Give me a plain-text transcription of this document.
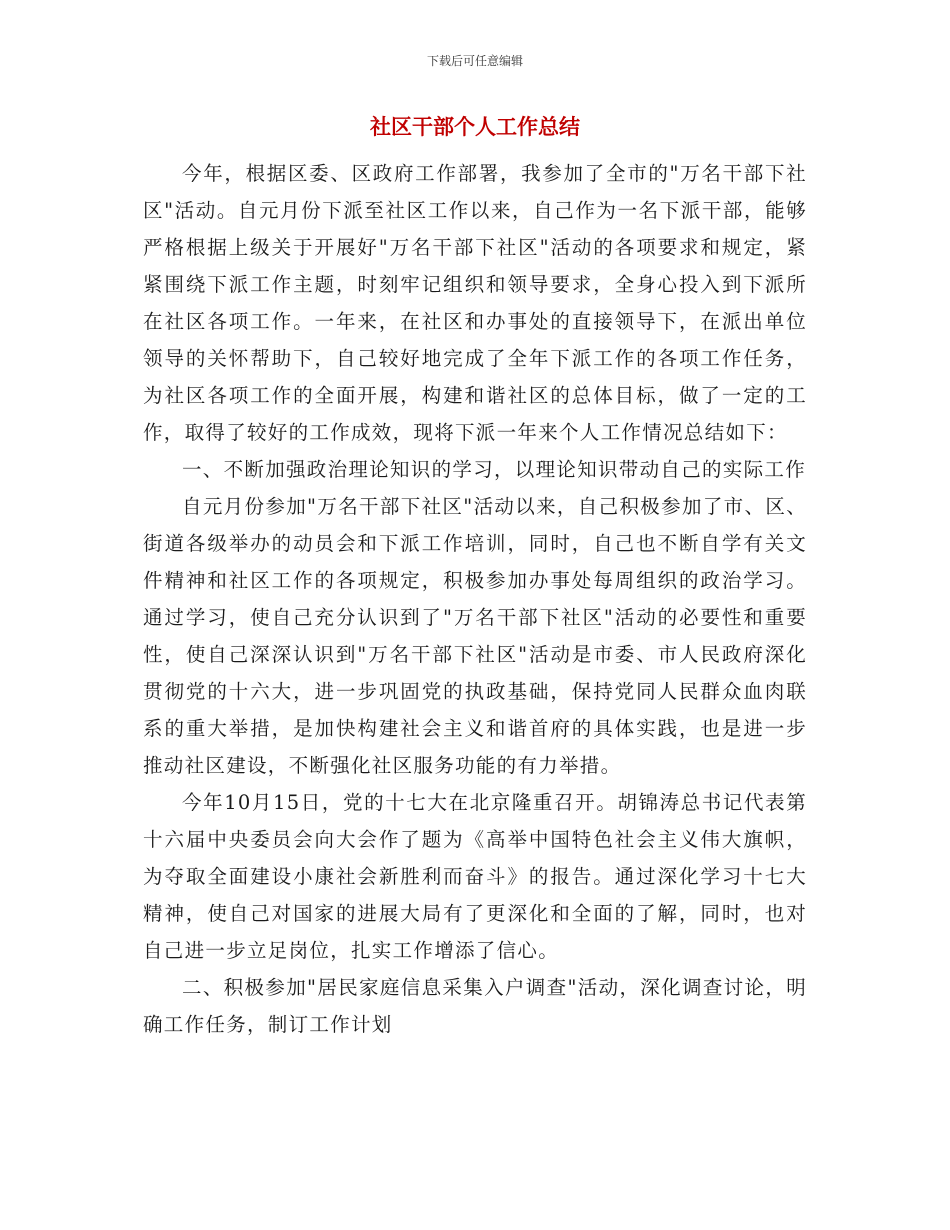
下载后可任意编辑
社区干部个人工作总结

今年，根据区委、区政府工作部署，我参加了全市的"万名干部下社区"活动。自元月份下派至社区工作以来，自己作为一名下派干部，能够严格根据上级关于开展好"万名干部下社区"活动的各项要求和规定，紧紧围绕下派工作主题，时刻牢记组织和领导要求，全身心投入到下派所在社区各项工作。一年来，在社区和办事处的直接领导下，在派出单位领导的关怀帮助下，自己较好地完成了全年下派工作的各项工作任务，为社区各项工作的全面开展，构建和谐社区的总体目标，做了一定的工作，取得了较好的工作成效，现将下派一年来个人工作情况总结如下：

一、不断加强政治理论知识的学习，以理论知识带动自己的实际工作

自元月份参加"万名干部下社区"活动以来，自己积极参加了市、区、街道各级举办的动员会和下派工作培训，同时，自己也不断自学有关文件精神和社区工作的各项规定，积极参加办事处每周组织的政治学习。通过学习，使自己充分认识到了"万名干部下社区"活动的必要性和重要性，使自己深深认识到"万名干部下社区"活动是市委、市人民政府深化贯彻党的十六大，进一步巩固党的执政基础，保持党同人民群众血肉联系的重大举措，是加快构建社会主义和谐首府的具体实践，也是进一步推动社区建设，不断强化社区服务功能的有力举措。

今年10月15日，党的十七大在北京隆重召开。胡锦涛总书记代表第十六届中央委员会向大会作了题为《高举中国特色社会主义伟大旗帜，为夺取全面建设小康社会新胜利而奋斗》的报告。通过深化学习十七大精神，使自己对国家的进展大局有了更深化和全面的了解，同时，也对自己进一步立足岗位，扎实工作增添了信心。

二、积极参加"居民家庭信息采集入户调查"活动，深化调查讨论，明确工作任务，制订工作计划
